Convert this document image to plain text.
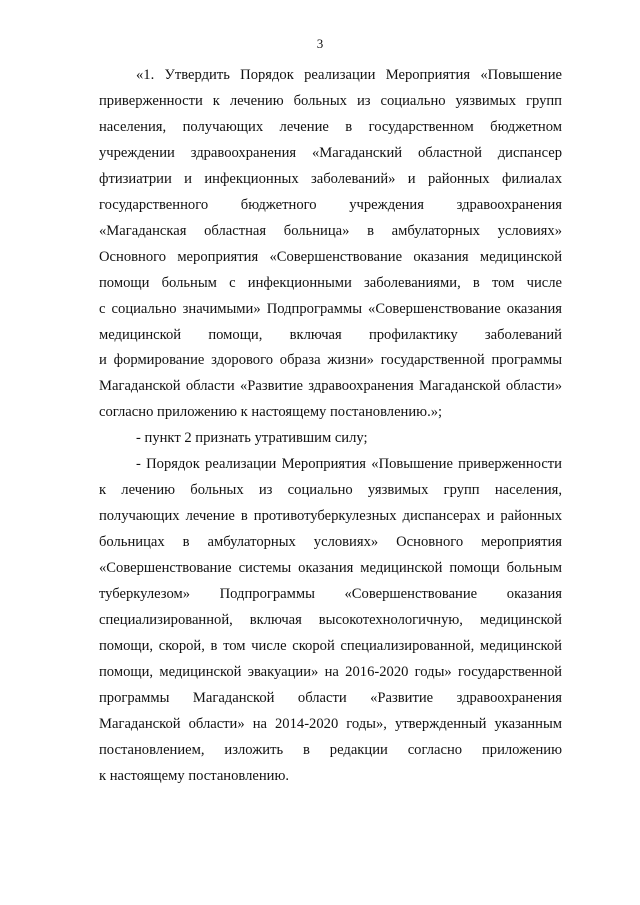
3
«1. Утвердить Порядок реализации Мероприятия «Повышение
приверженности к лечению больных из социально уязвимых групп
населения, получающих лечение в государственном бюджетном
учреждении здравоохранения «Магаданский областной диспансер
фтизиатрии и инфекционных заболеваний» и районных филиалах
государственного бюджетного учреждения здравоохранения
«Магаданская областная больница» в амбулаторных условиях»
Основного мероприятия «Совершенствование оказания медицинской
помощи больным с инфекционными заболеваниями, в том числе
с социально значимыми» Подпрограммы «Совершенствование оказания
медицинской помощи, включая профилактику заболеваний
и формирование здорового образа жизни» государственной программы
Магаданской области «Развитие здравоохранения Магаданской области»
согласно приложению к настоящему постановлению.»;
- пункт 2 признать утратившим силу;
- Порядок реализации Мероприятия «Повышение приверженности
к лечению больных из социально уязвимых групп населения,
получающих лечение в противотуберкулезных диспансерах и районных
больницах в амбулаторных условиях» Основного мероприятия
«Совершенствование системы оказания медицинской помощи больным
туберкулезом» Подпрограммы «Совершенствование оказания
специализированной, включая высокотехнологичную, медицинской
помощи, скорой, в том числе скорой специализированной, медицинской
помощи, медицинской эвакуации» на 2016-2020 годы» государственной
программы Магаданской области «Развитие здравоохранения
Магаданской области» на 2014-2020 годы», утвержденный указанным
постановлением, изложить в редакции согласно приложению
к настоящему постановлению.
